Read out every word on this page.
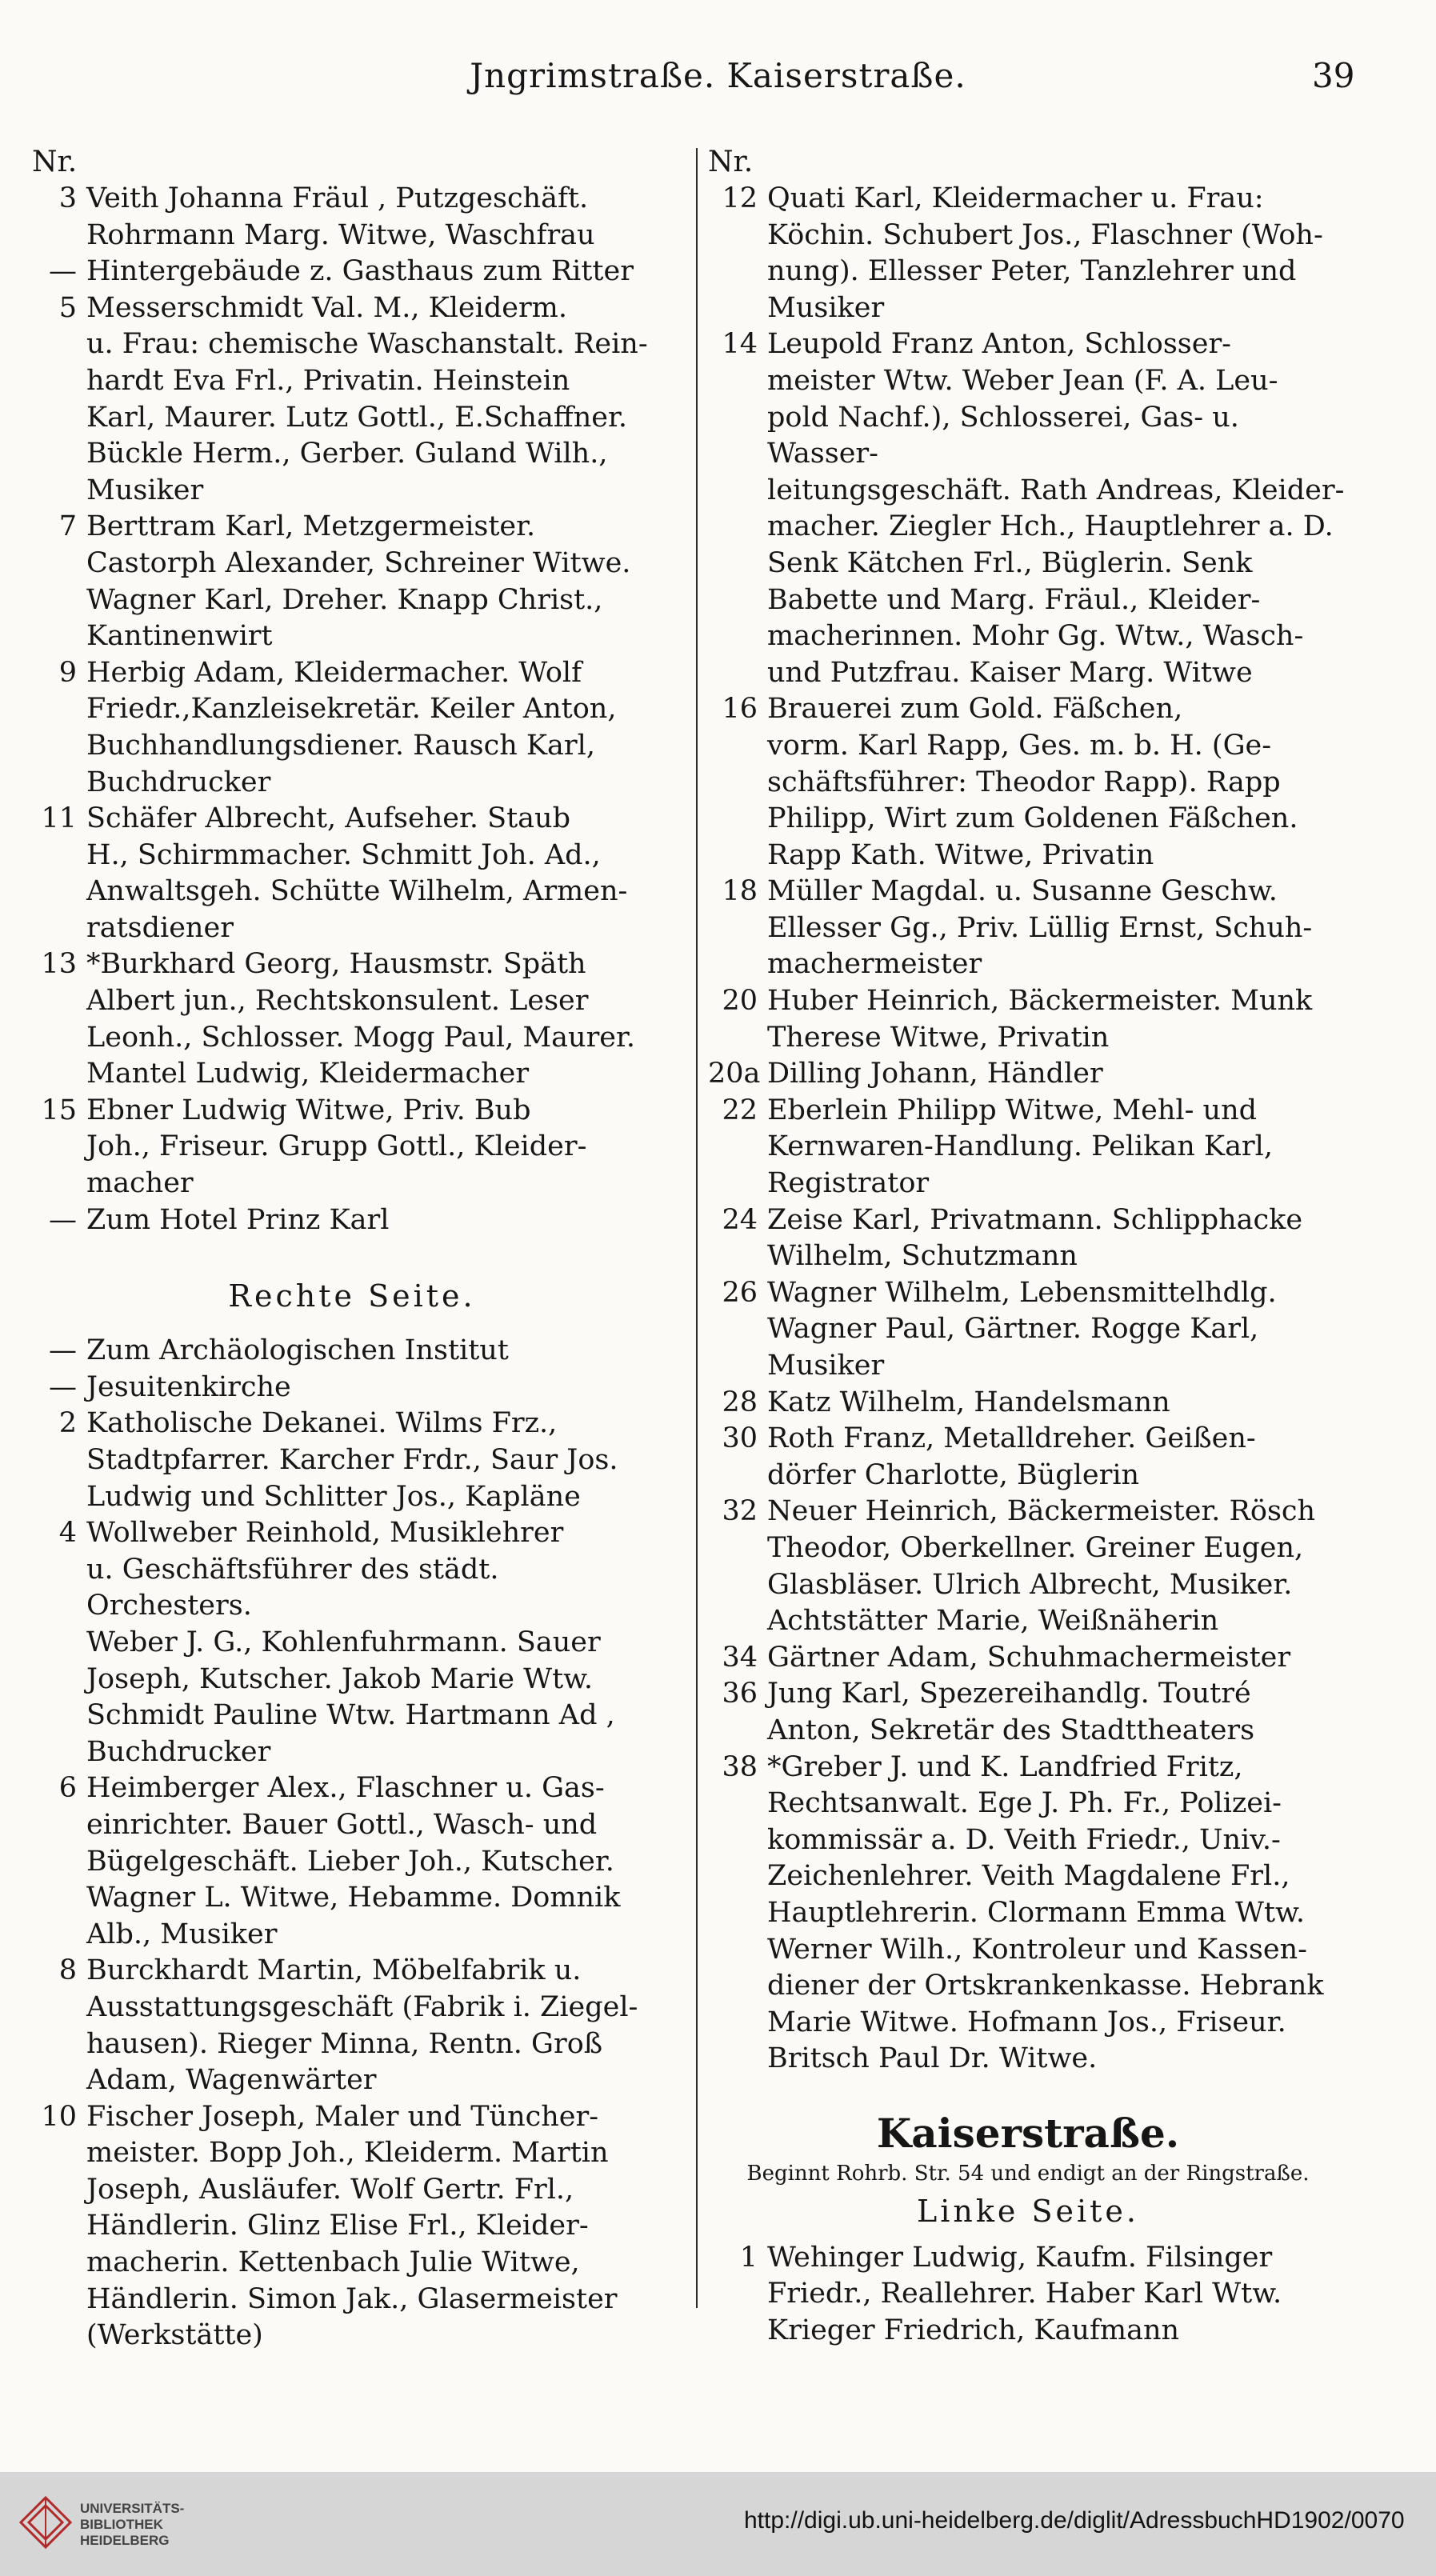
Jngrimstraße. Kaiserstraße.	39
Nr.
3 Veith Johanna Fräul , Putzgeschäft.
Rohrmann Marg. Witwe, Waschfrau
— Hintergebäude z. Gasthaus zum Ritter
5 Messerschmidt Val. M., Kleiderm.
u. Frau: chemische Waschanstalt. Rein-
hardt Eva Frl., Privatin. Heinstein
Karl, Maurer. Lutz Gottl., E.Schaffner.
Bückle Herm., Gerber. Guland Wilh.,
Musiker
7 Berttram Karl, Metzgermeister.
Castorph Alexander, Schreiner Witwe.
Wagner Karl, Dreher. Knapp Christ.,
Kantinenwirt
9 Herbig Adam, Kleidermacher. Wolf
Friedr.,Kanzleisekretär. Keiler Anton,
Buchhandlungsdiener. Rausch Karl,
Buchdrucker
11 Schäfer Albrecht, Aufseher. Staub
H., Schirmmacher. Schmitt Joh. Ad.,
Anwaltsgeh. Schütte Wilhelm, Armen-
ratsdiener
13 *Burkhard Georg, Hausmstr. Späth
Albert jun., Rechtskonsulent. Leser
Leonh., Schlosser. Mogg Paul, Maurer.
Mantel Ludwig, Kleidermacher
15 Ebner Ludwig Witwe, Priv. Bub
Joh., Friseur. Grupp Gottl., Kleider-
macher
— Zum Hotel Prinz Karl
Rechte Seite.
— Zum Archäologischen Institut
— Jesuitenkirche
2 Katholische Dekanei. Wilms Frz.,
Stadtpfarrer. Karcher Frdr., Saur Jos.
Ludwig und Schlitter Jos., Kapläne
4 Wollweber Reinhold, Musiklehrer
u. Geschäftsführer des städt. Orchesters.
Weber J. G., Kohlenfuhrmann. Sauer
Joseph, Kutscher. Jakob Marie Wtw.
Schmidt Pauline Wtw. Hartmann Ad ,
Buchdrucker
6 Heimberger Alex., Flaschner u. Gas-
einrichter. Bauer Gottl., Wasch- und
Bügelgeschäft. Lieber Joh., Kutscher.
Wagner L. Witwe, Hebamme. Domnik
Alb., Musiker
8 Burckhardt Martin, Möbelfabrik u.
Ausstattungsgeschäft (Fabrik i. Ziegel-
hausen). Rieger Minna, Rentn. Groß
Adam, Wagenwärter
10 Fischer Joseph, Maler und Tüncher-
meister. Bopp Joh., Kleiderm. Martin
Joseph, Ausläufer. Wolf Gertr. Frl.,
Händlerin. Glinz Elise Frl., Kleider-
macherin. Kettenbach Julie Witwe,
Händlerin. Simon Jak., Glasermeister
(Werkstätte)
Nr.
12 Quati Karl, Kleidermacher u. Frau:
Köchin. Schubert Jos., Flaschner (Woh-
nung). Ellesser Peter, Tanzlehrer und
Musiker
14 Leupold Franz Anton, Schlosser-
meister Wtw. Weber Jean (F. A. Leu-
pold Nachf.), Schlosserei, Gas- u. Wasser-
leitungsgeschäft. Rath Andreas, Kleider-
macher. Ziegler Hch., Hauptlehrer a. D.
Senk Kätchen Frl., Büglerin. Senk
Babette und Marg. Fräul., Kleider-
macherinnen. Mohr Gg. Wtw., Wasch-
und Putzfrau. Kaiser Marg. Witwe
16 Brauerei zum Gold. Fäßchen,
vorm. Karl Rapp, Ges. m. b. H. (Ge-
schäftsführer: Theodor Rapp). Rapp
Philipp, Wirt zum Goldenen Fäßchen.
Rapp Kath. Witwe, Privatin
18 Müller Magdal. u. Susanne Geschw.
Ellesser Gg., Priv. Lüllig Ernst, Schuh-
machermeister
20 Huber Heinrich, Bäckermeister. Munk
Therese Witwe, Privatin
20a Dilling Johann, Händler
22 Eberlein Philipp Witwe, Mehl- und
Kernwaren-Handlung. Pelikan Karl,
Registrator
24 Zeise Karl, Privatmann. Schlipphacke
Wilhelm, Schutzmann
26 Wagner Wilhelm, Lebensmittelhdlg.
Wagner Paul, Gärtner. Rogge Karl,
Musiker
28 Katz Wilhelm, Handelsmann
30 Roth Franz, Metalldreher. Geißen-
dörfer Charlotte, Büglerin
32 Neuer Heinrich, Bäckermeister. Rösch
Theodor, Oberkellner. Greiner Eugen,
Glasbläser. Ulrich Albrecht, Musiker.
Achtstätter Marie, Weißnäherin
34 Gärtner Adam, Schuhmachermeister
36 Jung Karl, Spezereihandlg. Toutré
Anton, Sekretär des Stadttheaters
38 *Greber J. und K. Landfried Fritz,
Rechtsanwalt. Ege J. Ph. Fr., Polizei-
kommissär a. D. Veith Friedr., Univ.-
Zeichenlehrer. Veith Magdalene Frl.,
Hauptlehrerin. Clormann Emma Wtw.
Werner Wilh., Kontroleur und Kassen-
diener der Ortskrankenkasse. Hebrank
Marie Witwe. Hofmann Jos., Friseur.
Britsch Paul Dr. Witwe.
Kaiserstraße.
Beginnt Rohrb. Str. 54 und endigt an der Ringstraße.
Linke Seite.
1 Wehinger Ludwig, Kaufm. Filsinger
Friedr., Reallehrer. Haber Karl Wtw.
Krieger Friedrich, Kaufmann
UNIVERSITÄTS-
BIBLIOTHEK
HEIDELBERG
http://digi.ub.uni-heidelberg.de/diglit/AdressbuchHD1902/0070
